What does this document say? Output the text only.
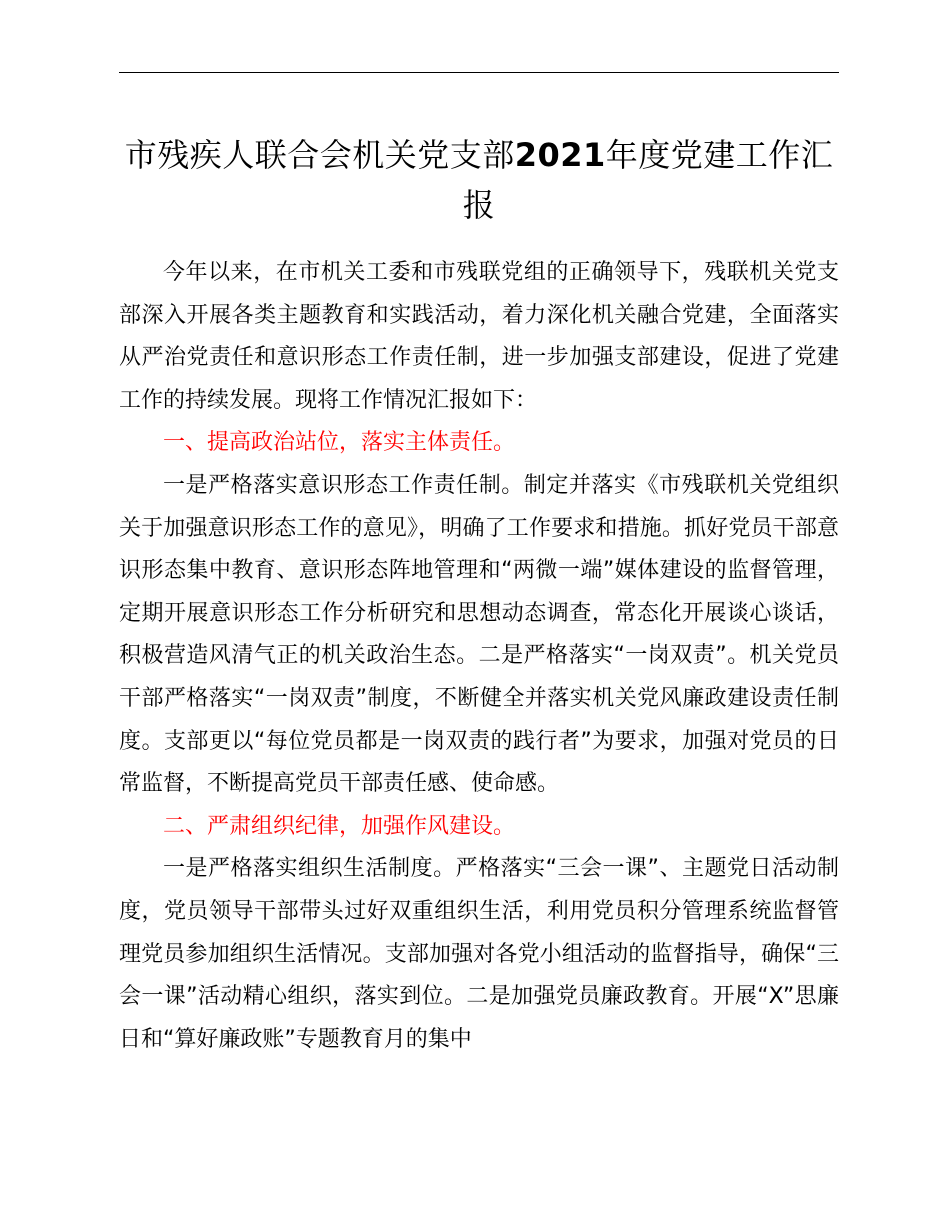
市残疾人联合会机关党支部2021年度党建工作汇报

今年以来，在市机关工委和市残联党组的正确领导下，残联机关党支部深入开展各类主题教育和实践活动，着力深化机关融合党建，全面落实从严治党责任和意识形态工作责任制，进一步加强支部建设，促进了党建工作的持续发展。现将工作情况汇报如下：

一、提高政治站位，落实主体责任。

一是严格落实意识形态工作责任制。制定并落实《市残联机关党组织关于加强意识形态工作的意见》，明确了工作要求和措施。抓好党员干部意识形态集中教育、意识形态阵地管理和“两微一端”媒体建设的监督管理，定期开展意识形态工作分析研究和思想动态调查，常态化开展谈心谈话，积极营造风清气正的机关政治生态。二是严格落实“一岗双责”。机关党员干部严格落实“一岗双责”制度，不断健全并落实机关党风廉政建设责任制度。支部更以“每位党员都是一岗双责的践行者”为要求，加强对党员的日常监督，不断提高党员干部责任感、使命感。

二、严肃组织纪律，加强作风建设。

一是严格落实组织生活制度。严格落实“三会一课”、主题党日活动制度，党员领导干部带头过好双重组织生活，利用党员积分管理系统监督管理党员参加组织生活情况。支部加强对各党小组活动的监督指导，确保“三会一课”活动精心组织，落实到位。二是加强党员廉政教育。开展“X”思廉日和“算好廉政账”专题教育月的集中
